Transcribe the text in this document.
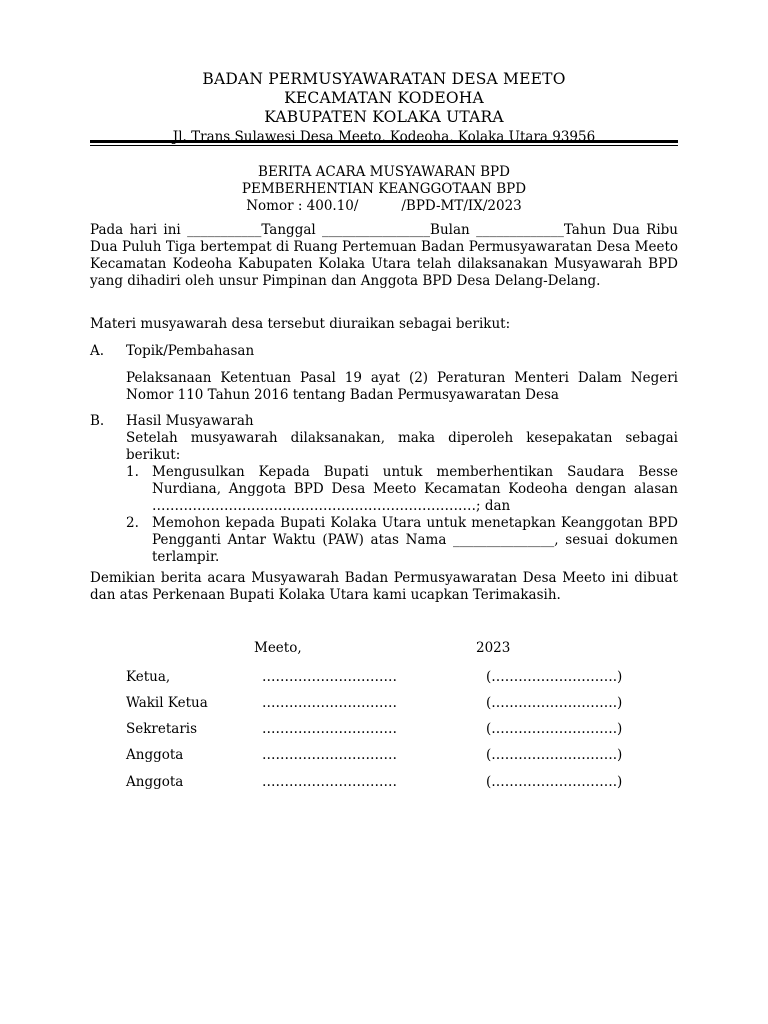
BADAN PERMUSYAWARATAN DESA MEETO
KECAMATAN KODEOHA
KABUPATEN KOLAKA UTARA
Jl. Trans Sulawesi Desa Meeto, Kodeoha, Kolaka Utara 93956
BERITA ACARA MUSYAWARAN BPD
PEMBERHENTIAN KEANGGOTAAN BPD
Nomor : 400.10/          /BPD-MT/IX/2023
Pada hari ini ___________Tanggal ________________Bulan _____________Tahun Dua Ribu Dua Puluh Tiga bertempat di Ruang Pertemuan Badan Permusyawaratan Desa Meeto Kecamatan Kodeoha Kabupaten Kolaka Utara telah dilaksanakan Musyawarah BPD yang dihadiri oleh unsur Pimpinan dan Anggota BPD Desa Delang-Delang.
Materi musyawarah desa tersebut diuraikan sebagai berikut:
A. Topik/Pembahasan
Pelaksanaan Ketentuan Pasal 19 ayat (2) Peraturan Menteri Dalam Negeri Nomor 110 Tahun 2016 tentang Badan Permusyawaratan Desa
B. Hasil Musyawarah
Setelah musyawarah dilaksanakan, maka diperoleh kesepakatan sebagai berikut:
1. Mengusulkan Kepada Bupati untuk memberhentikan Saudara Besse Nurdiana, Anggota BPD Desa Meeto Kecamatan Kodeoha dengan alasan ………………………………………………………………; dan
2. Memohon kepada Bupati Kolaka Utara untuk menetapkan Keanggotan BPD Pengganti Antar Waktu (PAW) atas Nama _______________, sesuai dokumen terlampir.
Demikian berita acara Musyawarah Badan Permusyawaratan Desa Meeto ini dibuat dan atas Perkenaan Bupati Kolaka Utara kami ucapkan Terimakasih.
Meeto,	2023
Ketua,	…………………………	(……………………….)
Wakil Ketua	…………………………	(……………………….)
Sekretaris	…………………………	(……………………….)
Anggota	…………………………	(……………………….)
Anggota	…………………………	(……………………….)
